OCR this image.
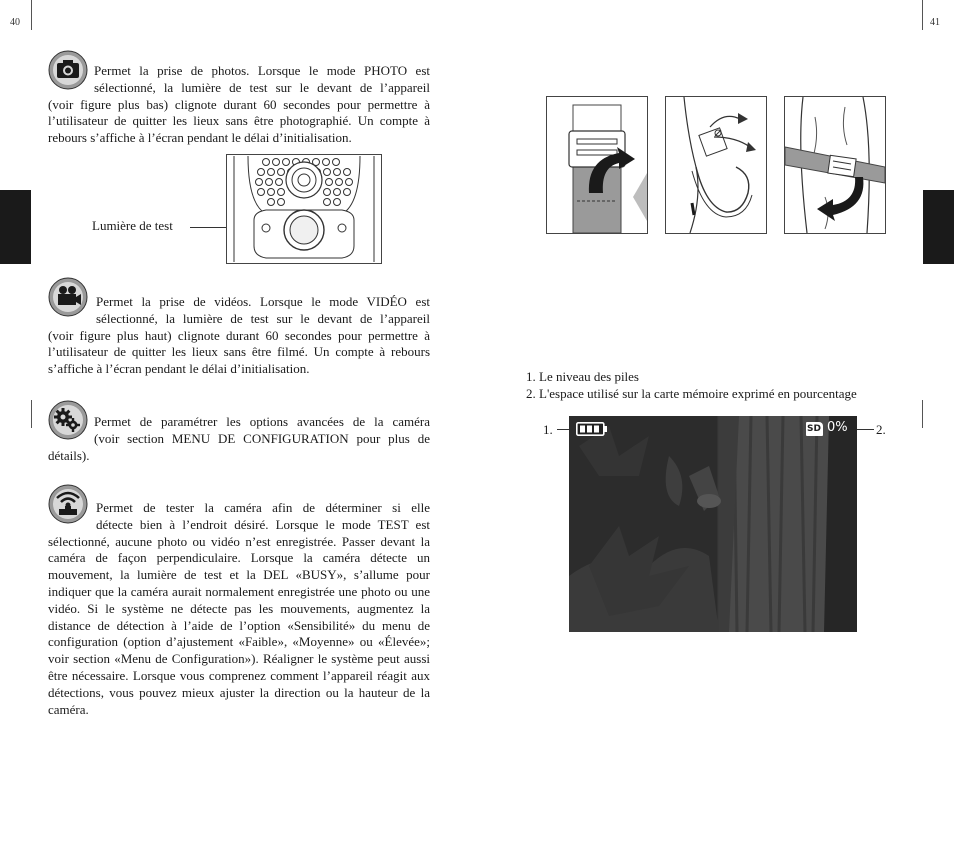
40
Permet la prise de photos. Lorsque le mode PHOTO est
sélectionné, la lumière de test sur le devant de l’appareil
(voir figure plus bas) clignote durant 60 secondes pour permettre à l’utilisateur de quitter les lieux sans être photographié. Un compte à rebours s’affiche à l’écran pendant le délai d’initialisation.
Lumière de test
Permet la prise de vidéos. Lorsque le mode VIDÉO est
sélectionné, la lumière de test sur le devant de l’appareil
(voir figure plus haut) clignote durant 60 secondes pour permettre à l’utilisateur de quitter les lieux sans être filmé. Un compte à rebours s’affiche à l’écran pendant le délai d’initialisation.
Permet de paramétrer les options avancées de la caméra
(voir section MENU DE CONFIGURATION pour plus de
détails).
Permet de tester la caméra afin de déterminer si elle
détecte bien à l’endroit désiré. Lorsque le mode TEST est
sélectionné, aucune photo ou vidéo n’est enregistrée. Passer devant la caméra de façon perpendiculaire. Lorsque la caméra détecte un mouvement, la lumière de test et la DEL «BUSY», s’allume pour indiquer que la caméra aurait normalement enregistrée une photo ou une vidéo. Si le système ne détecte pas les mouvements, augmentez la distance de détection à l’aide de l’option «Sensibilité» du menu de configuration (option d’ajustement «Faible», «Moyenne» ou «Élevée»; voir section «Menu de Configuration»). Réaligner le système peut aussi être nécessaire. Lorsque vous comprenez comment l’appareil réagit aux détections, vous pouvez mieux ajuster la direction ou la hauteur de la caméra.
41
1. Le niveau des piles
2. L'espace utilisé sur la carte mémoire exprimé en pourcentage
1.	2.
SD 0%
